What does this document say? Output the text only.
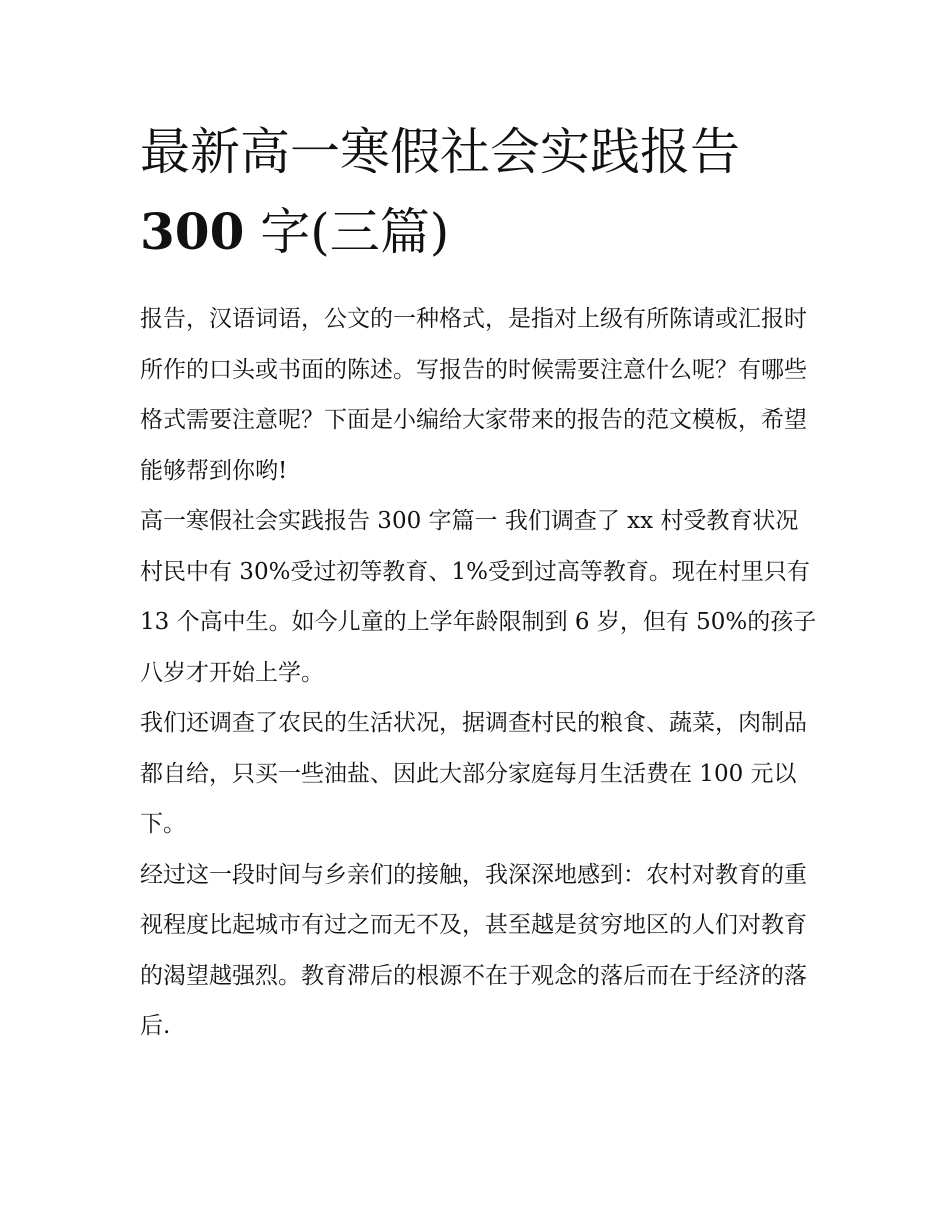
最新高一寒假社会实践报告
300 字(三篇)

报告，汉语词语，公文的一种格式，是指对上级有所陈请或汇报时所作的口头或书面的陈述。写报告的时候需要注意什么呢？有哪些格式需要注意呢？下面是小编给大家带来的报告的范文模板，希望能够帮到你哟!

高一寒假社会实践报告 300 字篇一 我们调查了 xx 村受教育状况

村民中有 30%受过初等教育、1%受到过高等教育。现在村里只有 13 个高中生。如今儿童的上学年龄限制到 6 岁，但有 50%的孩子八岁才开始上学。

我们还调查了农民的生活状况，据调查村民的粮食、蔬菜，肉制品都自给，只买一些油盐、因此大部分家庭每月生活费在 100 元以下。

经过这一段时间与乡亲们的接触，我深深地感到：农村对教育的重视程度比起城市有过之而无不及，甚至越是贫穷地区的人们对教育的渴望越强烈。教育滞后的根源不在于观念的落后而在于经济的落后.
